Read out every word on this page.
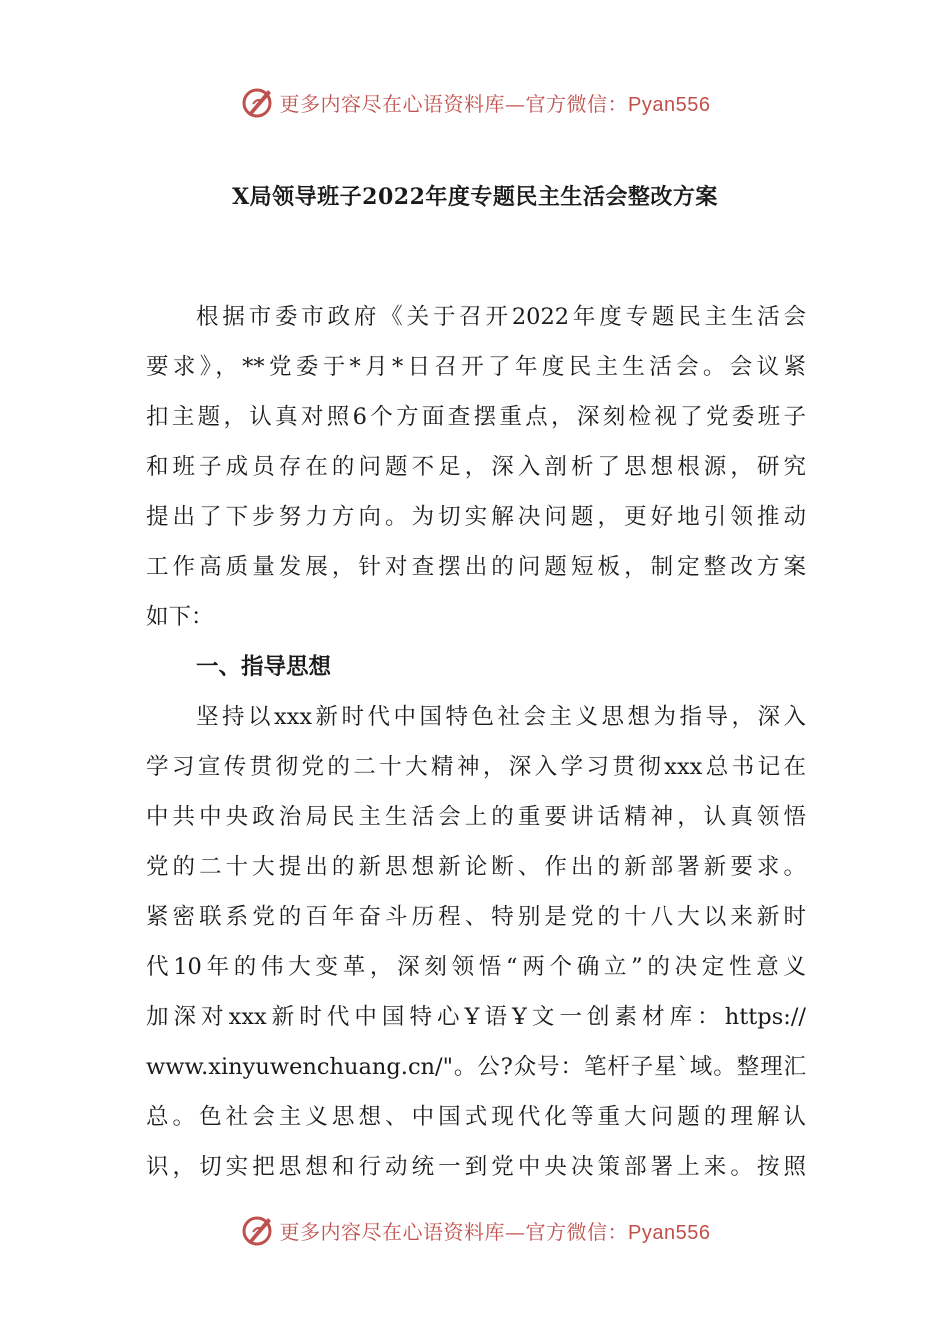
更多内容尽在心语资料库—官方微信：Pyan556
X局领导班子2022年度专题民主生活会整改方案
根据市委市政府《关于召开2022年度专题民主生活会
要求》，**党委于*月*日召开了年度民主生活会。会议紧
扣主题，认真对照6个方面查摆重点，深刻检视了党委班子
和班子成员存在的问题不足，深入剖析了思想根源，研究
提出了下步努力方向。为切实解决问题，更好地引领推动
工作高质量发展，针对查摆出的问题短板，制定整改方案
如下：
一、指导思想
坚持以xxx新时代中国特色社会主义思想为指导，深入
学习宣传贯彻党的二十大精神，深入学习贯彻xxx总书记在
中共中央政治局民主生活会上的重要讲话精神，认真领悟
党的二十大提出的新思想新论断、作出的新部署新要求。
紧密联系党的百年奋斗历程、特别是党的十八大以来新时
代10年的伟大变革，深刻领悟“两个确立”的决定性意义
加深对xxx新时代中国特心Ұ语Ұ文一创素材库：https://
www.xinyuwenchuang.cn/"。公?众号：笔杆子星`域。整理汇
总。色社会主义思想、中国式现代化等重大问题的理解认
识，切实把思想和行动统一到党中央决策部署上来。按照
更多内容尽在心语资料库—官方微信：Pyan556
